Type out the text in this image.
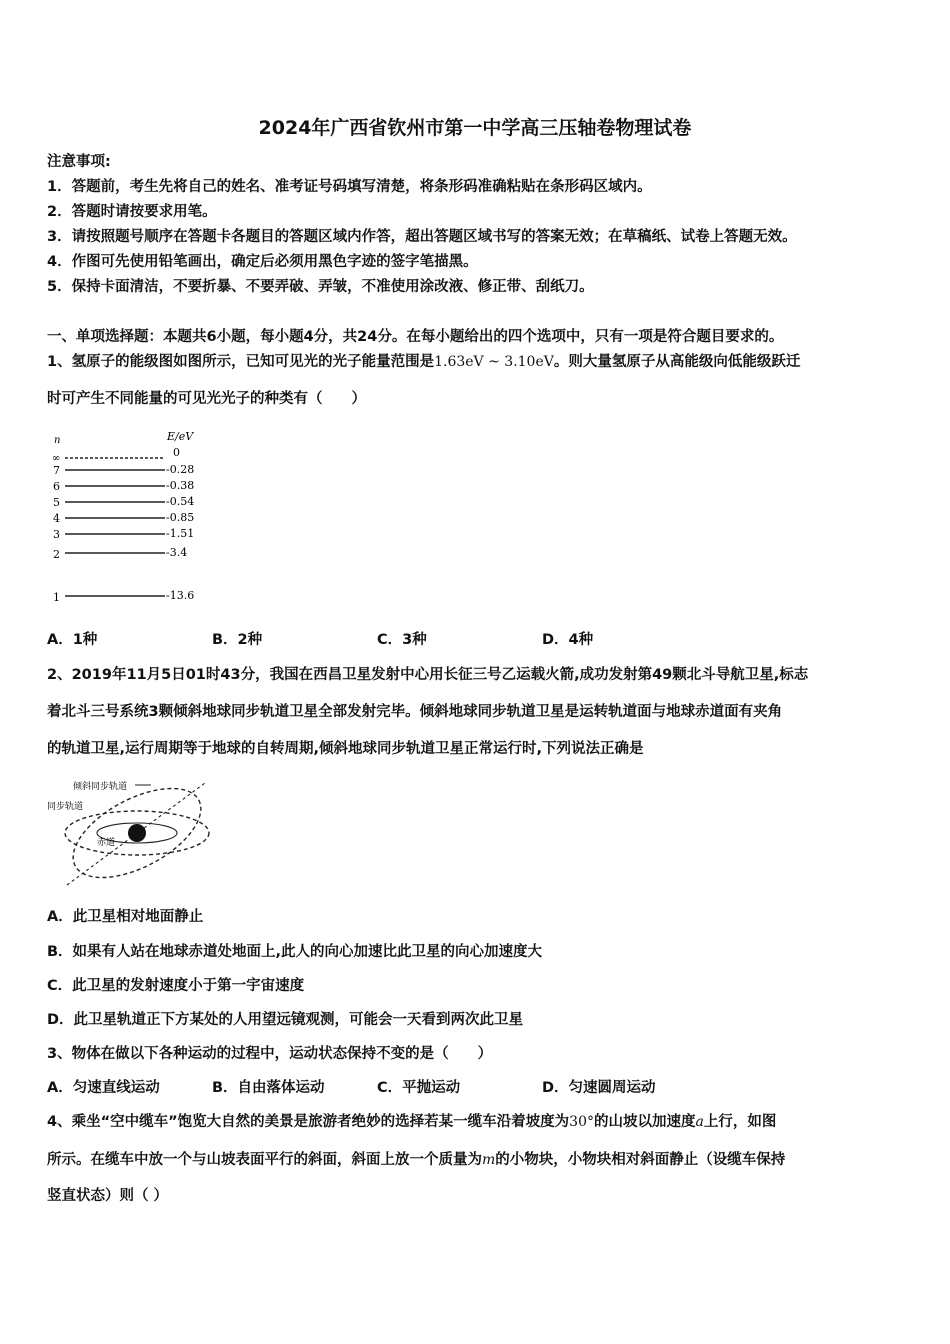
2024年广西省钦州市第一中学高三压轴卷物理试卷
注意事项:
1．答题前，考生先将自己的姓名、准考证号码填写清楚，将条形码准确粘贴在条形码区域内。
2．答题时请按要求用笔。
3．请按照题号顺序在答题卡各题目的答题区域内作答，超出答题区域书写的答案无效；在草稿纸、试卷上答题无效。
4．作图可先使用铅笔画出，确定后必须用黑色字迹的签字笔描黑。
5．保持卡面清洁，不要折暴、不要弄破、弄皱，不准使用涂改液、修正带、刮纸刀。
一、单项选择题：本题共6小题，每小题4分，共24分。在每小题给出的四个选项中，只有一项是符合题目要求的。
1、氢原子的能级图如图所示，已知可见光的光子能量范围是1.63eV ~ 3.10eV。则大量氢原子从高能级向低能级跃迁
时可产生不同能量的可见光光子的种类有（　　）
n	E/eV
∞	0
7	-0.28
6	-0.38
5	-0.54
4	-0.85
3	-1.51
2	-3.4
1	-13.6
A．1种	B．2种	C．3种	D．4种
2、2019年11月5日01时43分，我国在西昌卫星发射中心用长征三号乙运载火箭,成功发射第49颗北斗导航卫星,标志
着北斗三号系统3颗倾斜地球同步轨道卫星全部发射完毕。倾斜地球同步轨道卫星是运转轨道面与地球赤道面有夹角
的轨道卫星,运行周期等于地球的自转周期,倾斜地球同步轨道卫星正常运行时,下列说法正确是
倾斜同步轨道
同步轨道
赤道
A．此卫星相对地面静止
B．如果有人站在地球赤道处地面上,此人的向心加速比此卫星的向心加速度大
C．此卫星的发射速度小于第一宇宙速度
D．此卫星轨道正下方某处的人用望远镜观测，可能会一天看到两次此卫星
3、物体在做以下各种运动的过程中，运动状态保持不变的是（　　）
A．匀速直线运动	B．自由落体运动	C．平抛运动	D．匀速圆周运动
4、乘坐“空中缆车”饱览大自然的美景是旅游者绝妙的选择若某一缆车沿着坡度为30°的山坡以加速度a上行，如图
所示。在缆车中放一个与山坡表面平行的斜面，斜面上放一个质量为m的小物块，小物块相对斜面静止（设缆车保持
竖直状态）则（ ）
